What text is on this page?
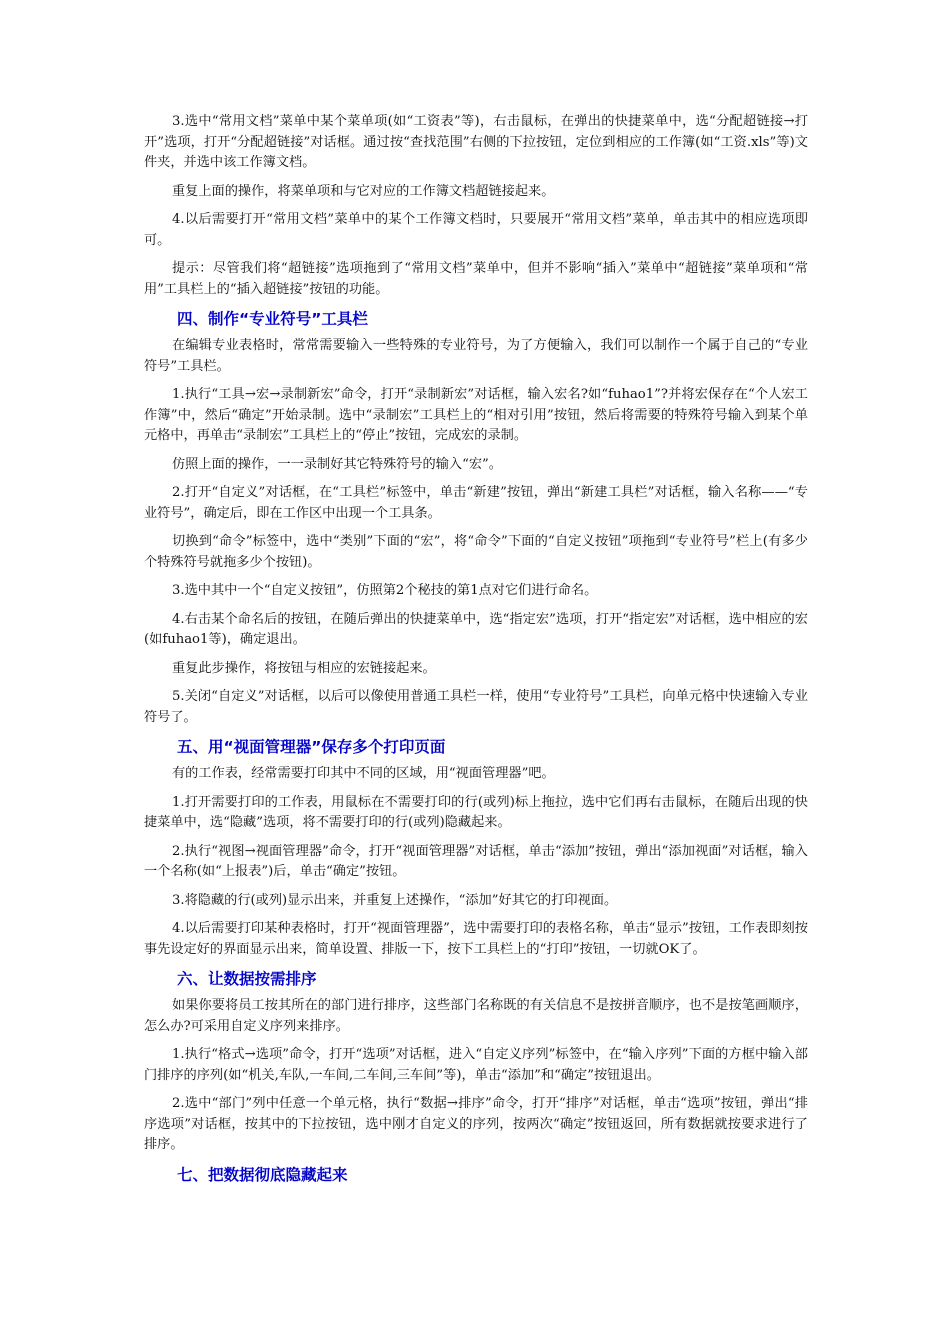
3.选中“常用文档”菜单中某个菜单项(如“工资表”等)，右击鼠标，在弹出的快捷菜单中，选“分配超链接→打开”选项，打开“分配超链接”对话框。通过按“查找范围”右侧的下拉按钮，定位到相应的工作簿(如“工资.xls”等)文件夹，并选中该工作簿文档。

重复上面的操作，将菜单项和与它对应的工作簿文档超链接起来。

4.以后需要打开“常用文档”菜单中的某个工作簿文档时，只要展开“常用文档”菜单，单击其中的相应选项即可。

提示：尽管我们将“超链接”选项拖到了“常用文档”菜单中，但并不影响“插入”菜单中“超链接”菜单项和“常用”工具栏上的“插入超链接”按钮的功能。

四、制作“专业符号”工具栏

在编辑专业表格时，常常需要输入一些特殊的专业符号，为了方便输入，我们可以制作一个属于自己的“专业符号”工具栏。

1.执行“工具→宏→录制新宏”命令，打开“录制新宏”对话框，输入宏名?如“fuhao1”?并将宏保存在“个人宏工作簿”中，然后“确定”开始录制。选中“录制宏”工具栏上的“相对引用”按钮，然后将需要的特殊符号输入到某个单元格中，再单击“录制宏”工具栏上的“停止”按钮，完成宏的录制。

仿照上面的操作，一一录制好其它特殊符号的输入“宏”。

2.打开“自定义”对话框，在“工具栏”标签中，单击“新建”按钮，弹出“新建工具栏”对话框，输入名称——“专业符号”，确定后，即在工作区中出现一个工具条。

切换到“命令”标签中，选中“类别”下面的“宏”，将“命令”下面的“自定义按钮”项拖到“专业符号”栏上(有多少个特殊符号就拖多少个按钮)。

3.选中其中一个“自定义按钮”，仿照第2个秘技的第1点对它们进行命名。

4.右击某个命名后的按钮，在随后弹出的快捷菜单中，选“指定宏”选项，打开“指定宏”对话框，选中相应的宏(如fuhao1等)，确定退出。

重复此步操作，将按钮与相应的宏链接起来。

5.关闭“自定义”对话框，以后可以像使用普通工具栏一样，使用“专业符号”工具栏，向单元格中快速输入专业符号了。

五、用“视面管理器”保存多个打印页面

有的工作表，经常需要打印其中不同的区域，用“视面管理器”吧。

1.打开需要打印的工作表，用鼠标在不需要打印的行(或列)标上拖拉，选中它们再右击鼠标，在随后出现的快捷菜单中，选“隐藏”选项，将不需要打印的行(或列)隐藏起来。

2.执行“视图→视面管理器”命令，打开“视面管理器”对话框，单击“添加”按钮，弹出“添加视面”对话框，输入一个名称(如“上报表”)后，单击“确定”按钮。

3.将隐藏的行(或列)显示出来，并重复上述操作，“添加”好其它的打印视面。

4.以后需要打印某种表格时，打开“视面管理器”，选中需要打印的表格名称，单击“显示”按钮，工作表即刻按事先设定好的界面显示出来，简单设置、排版一下，按下工具栏上的“打印”按钮，一切就OK了。

六、让数据按需排序

如果你要将员工按其所在的部门进行排序，这些部门名称既的有关信息不是按拼音顺序，也不是按笔画顺序，怎么办?可采用自定义序列来排序。

1.执行“格式→选项”命令，打开“选项”对话框，进入“自定义序列”标签中，在“输入序列”下面的方框中输入部门排序的序列(如“机关,车队,一车间,二车间,三车间”等)，单击“添加”和“确定”按钮退出。

2.选中“部门”列中任意一个单元格，执行“数据→排序”命令，打开“排序”对话框，单击“选项”按钮，弹出“排序选项”对话框，按其中的下拉按钮，选中刚才自定义的序列，按两次“确定”按钮返回，所有数据就按要求进行了排序。

七、把数据彻底隐藏起来
